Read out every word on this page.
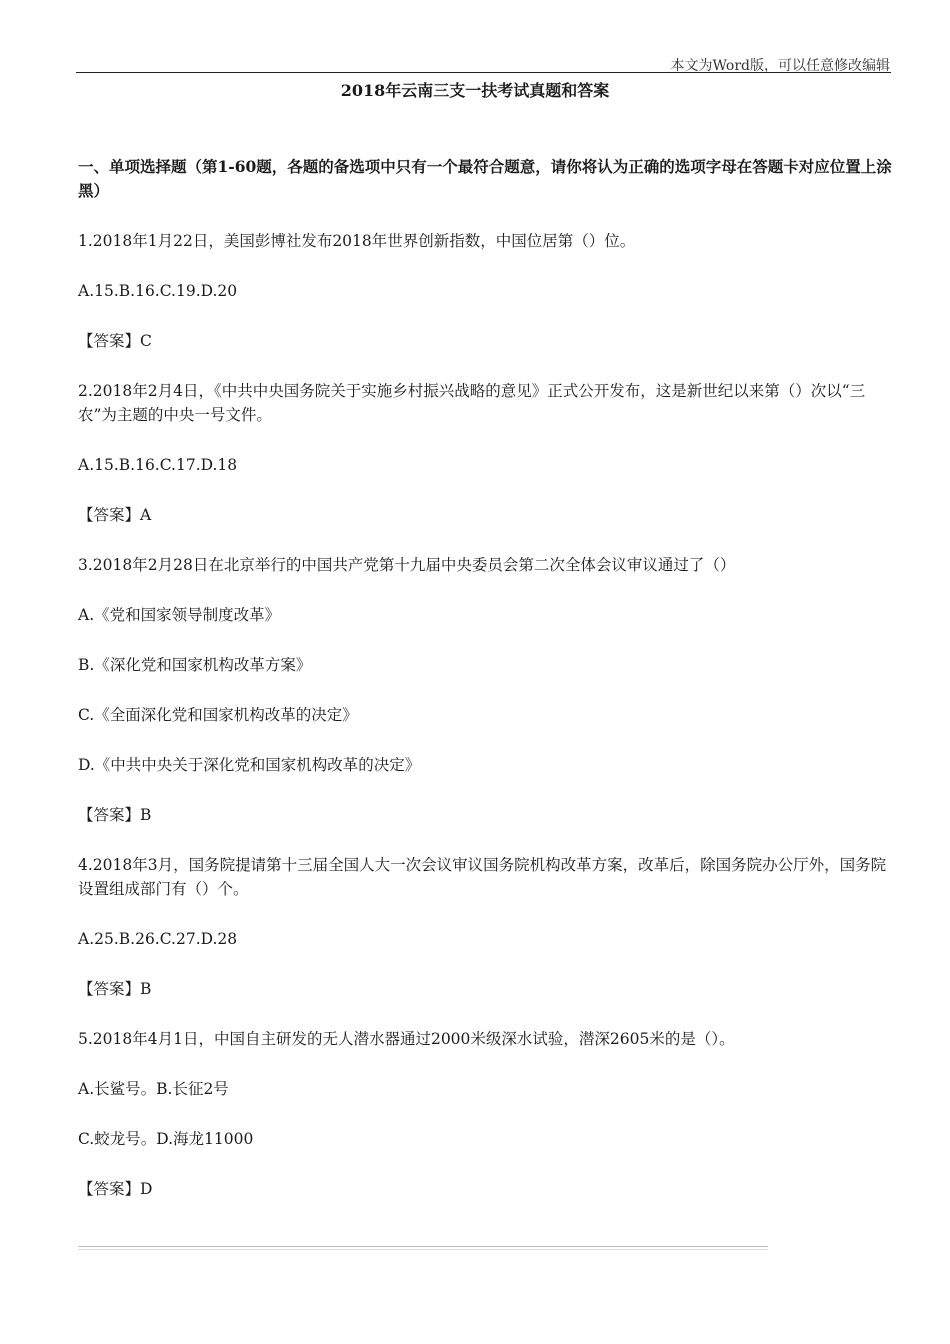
本文为Word版，可以任意修改编辑
2018年云南三支一扶考试真题和答案

一、单项选择题（第1-60题，各题的备选项中只有一个最符合题意，请你将认为正确的选项字母在答题卡对应位置上涂黑）

1.2018年1月22日，美国彭博社发布2018年世界创新指数，中国位居第（）位。

A.15.B.16.C.19.D.20

【答案】C

2.2018年2月4日，《中共中央国务院关于实施乡村振兴战略的意见》正式公开发布，这是新世纪以来第（）次以“三农”为主题的中央一号文件。

A.15.B.16.C.17.D.18

【答案】A

3.2018年2月28日在北京举行的中国共产党第十九届中央委员会第二次全体会议审议通过了（）

A.《党和国家领导制度改革》

B.《深化党和国家机构改革方案》

C.《全面深化党和国家机构改革的决定》

D.《中共中央关于深化党和国家机构改革的决定》

【答案】B

4.2018年3月，国务院提请第十三届全国人大一次会议审议国务院机构改革方案，改革后，除国务院办公厅外，国务院设置组成部门有（）个。

A.25.B.26.C.27.D.28

【答案】B

5.2018年4月1日，中国自主研发的无人潜水器通过2000米级深水试验，潜深2605米的是（）。

A.长鲨号。B.长征2号

C.蛟龙号。D.海龙11000

【答案】D
